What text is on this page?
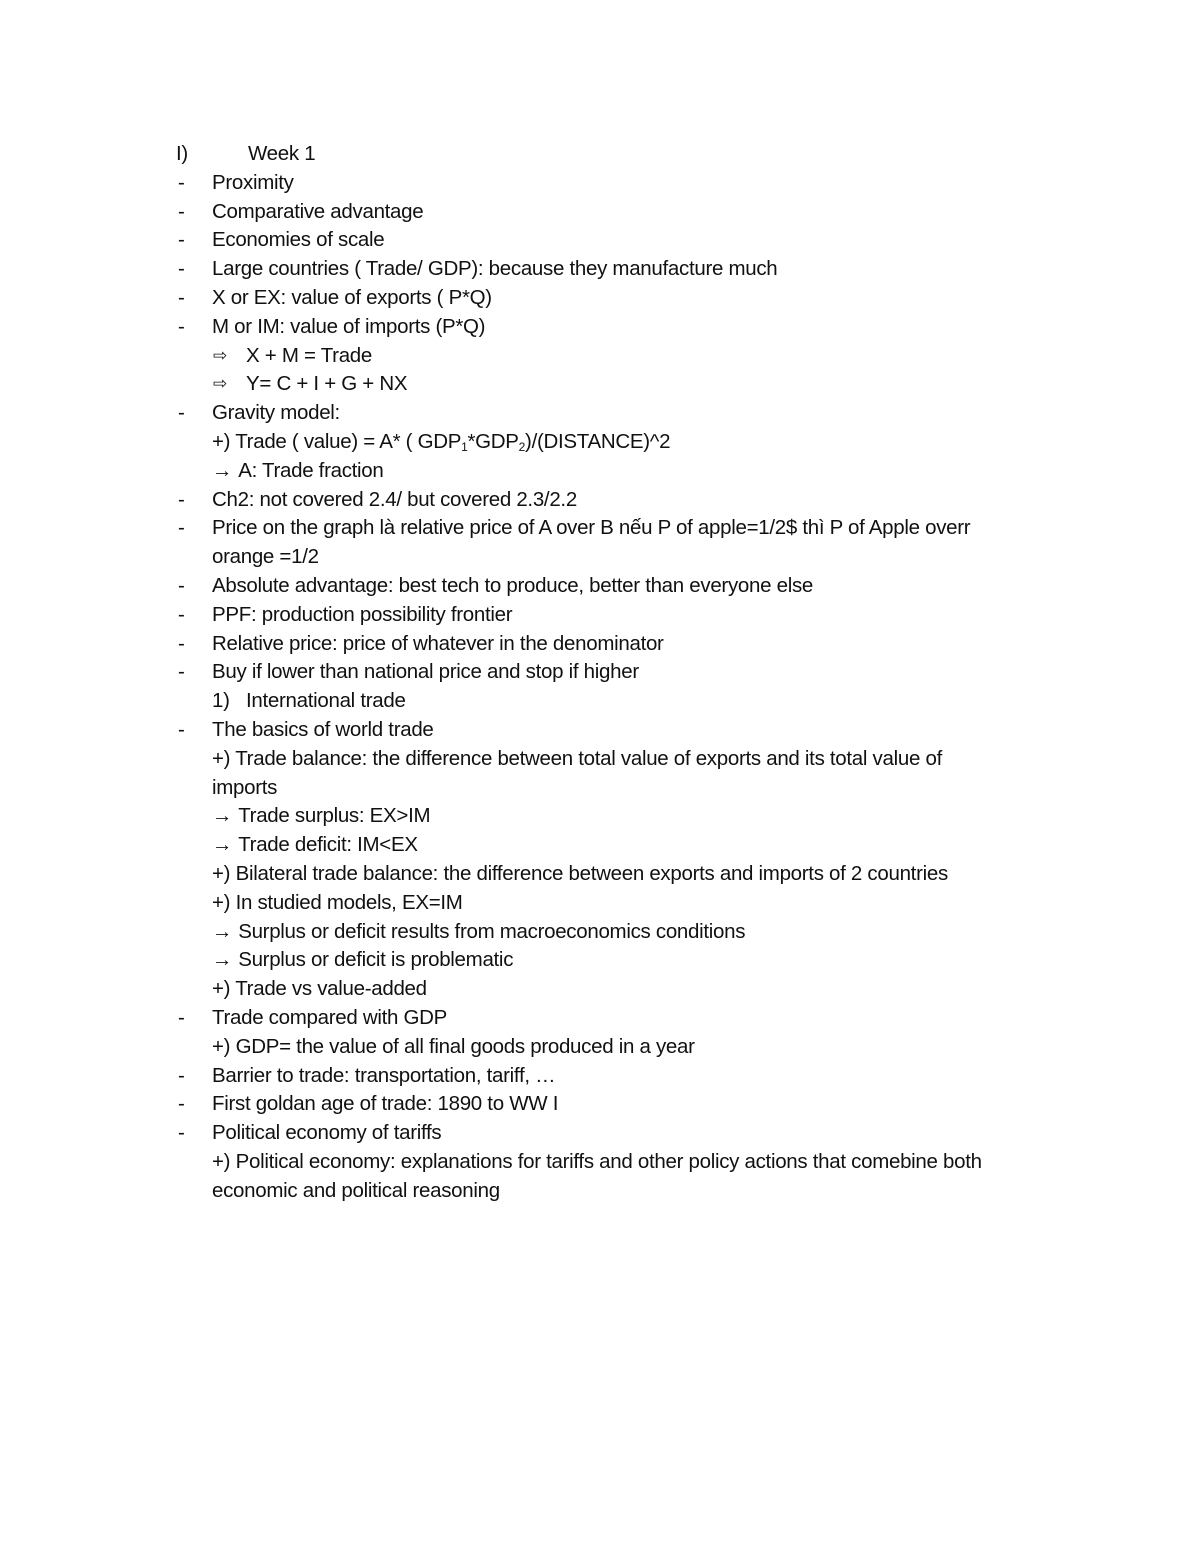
I)	Week 1
- Proximity
- Comparative advantage
- Economies of scale
- Large countries ( Trade/ GDP): because they manufacture much
- X or EX: value of exports ( P*Q)
- M or IM: value of imports (P*Q)
⇨ X + M = Trade
⇨ Y= C + I + G + NX
- Gravity model:
+) Trade ( value) = A* ( $GDP_1*GDP_2)/(DISTANCE)\^{}2$
→ A: Trade fraction
- Ch2: not covered 2.4/ but covered 2.3/2.2
- Price on the graph là relative price of A over B nếu P of apple=1/2$ thì P of Apple overr
orange =1/2
- Absolute advantage: best tech to produce, better than everyone else
- PPF: production possibility frontier
- Relative price: price of whatever in the denominator
- Buy if lower than national price and stop if higher
1) International trade
- The basics of world trade
+) Trade balance: the difference between total value of exports and its total value of
imports
→ Trade surplus: EX>IM
→ Trade deficit: IM<EX
+) Bilateral trade balance: the difference between exports and imports of 2 countries
+) In studied models, EX=IM
→ Surplus or deficit results from macroeconomics conditions
→ Surplus or deficit is problematic
+) Trade vs value-added
- Trade compared with GDP
+) GDP= the value of all final goods produced in a year
- Barrier to trade: transportation, tariff, …
- First goldan age of trade: 1890 to WW I
- Political economy of tariffs
+) Political economy: explanations for tariffs and other policy actions that comebine both
economic and political reasoning
